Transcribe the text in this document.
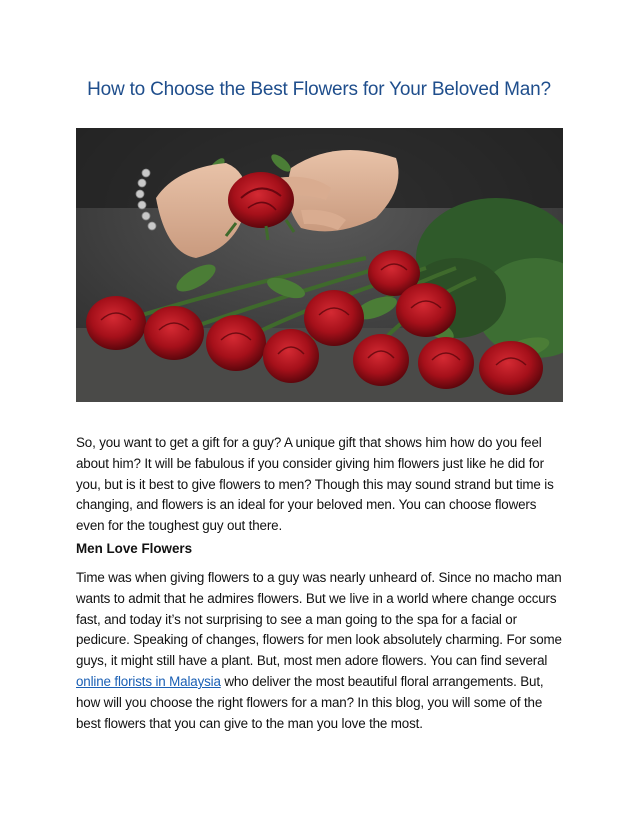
How to Choose the Best Flowers for Your Beloved Man?

So, you want to get a gift for a guy? A unique gift that shows him how do you feel about him? It will be fabulous if you consider giving him flowers just like he did for you, but is it best to give flowers to men? Though this may sound strand but time is changing, and flowers is an ideal for your beloved men. You can choose flowers even for the toughest guy out there.

Men Love Flowers

Time was when giving flowers to a guy was nearly unheard of. Since no macho man wants to admit that he admires flowers. But we live in a world where change occurs fast, and today it’s not surprising to see a man going to the spa for a facial or pedicure. Speaking of changes, flowers for men look absolutely charming. For some guys, it might still have a plant. But, most men adore flowers. You can find several online florists in Malaysia who deliver the most beautiful floral arrangements. But, how will you choose the right flowers for a man? In this blog, you will some of the best flowers that you can give to the man you love the most.
